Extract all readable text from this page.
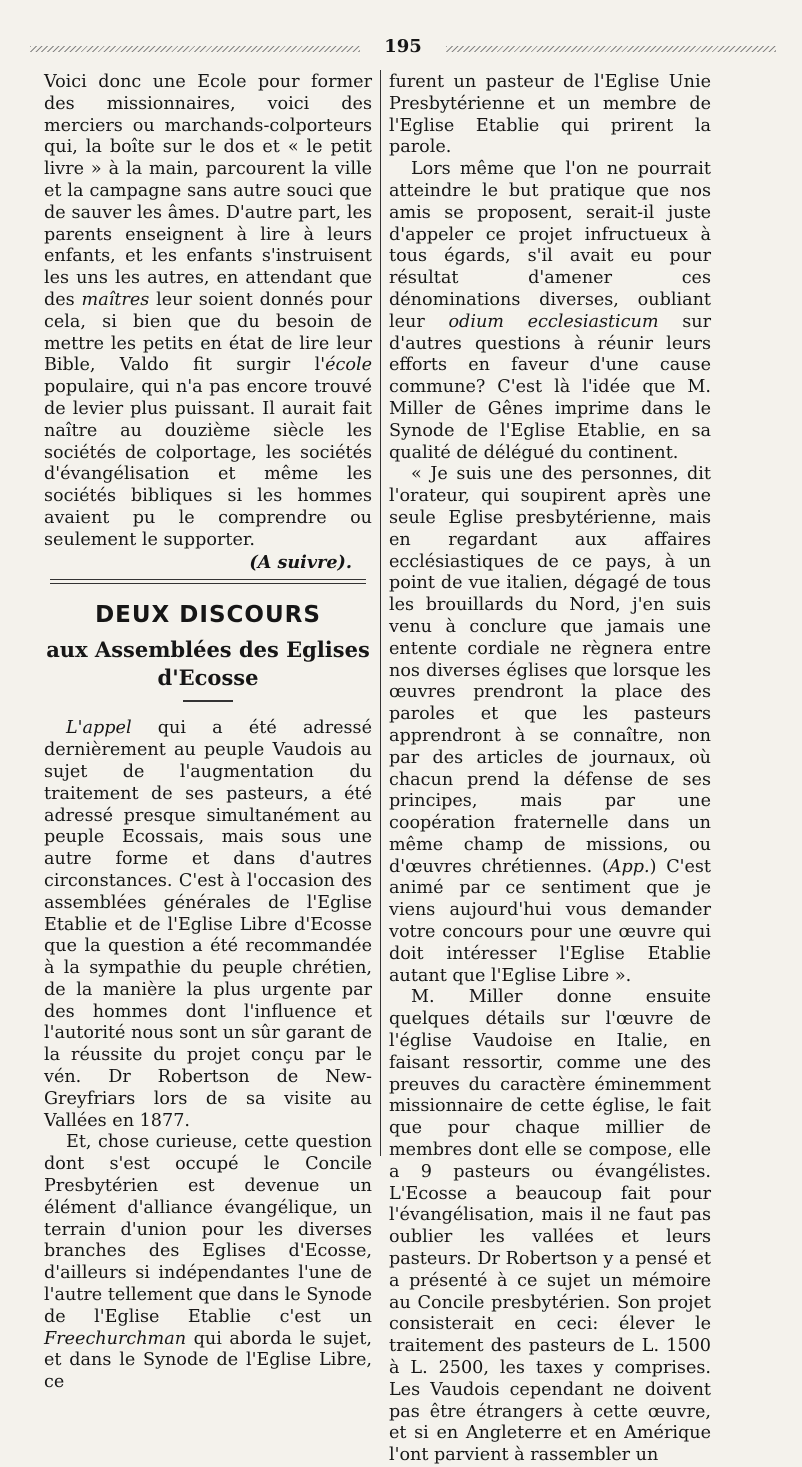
195

Voici donc une Ecole pour former des missionnaires, voici des merciers ou marchands-colporteurs qui, la boîte sur le dos et « le petit livre » à la main, parcourent la ville et la campagne sans autre souci que de sauver les âmes. D'autre part, les parents enseignent à lire à leurs enfants, et les enfants s'instruisent les uns les autres, en attendant que des maîtres leur soient donnés pour cela, si bien que du besoin de mettre les petits en état de lire leur Bible, Valdo fit surgir l'école populaire, qui n'a pas encore trouvé de levier plus puissant. Il aurait fait naître au douzième siècle les sociétés de colportage, les sociétés d'évangélisation et même les sociétés bibliques si les hommes avaient pu le comprendre ou seulement le supporter.

(A suivre).

DEUX DISCOURS
aux Assemblées des Eglises d'Ecosse

L'appel qui a été adressé dernièrement au peuple Vaudois au sujet de l'augmentation du traitement de ses pasteurs, a été adressé presque simultanément au peuple Ecossais, mais sous une autre forme et dans d'autres circonstances. C'est à l'occasion des assemblées générales de l'Eglise Etablie et de l'Eglise Libre d'Ecosse que la question a été recommandée à la sympathie du peuple chrétien, de la manière la plus urgente par des hommes dont l'influence et l'autorité nous sont un sûr garant de la réussite du projet conçu par le vén. Dr Robertson de New-Greyfriars lors de sa visite au Vallées en 1877.

Et, chose curieuse, cette question dont s'est occupé le Concile Presbytérien est devenue un élément d'alliance évangélique, un terrain d'union pour les diverses branches des Eglises d'Ecosse, d'ailleurs si indépendantes l'une de l'autre tellement que dans le Synode de l'Eglise Etablie c'est un Freechurchman qui aborda le sujet, et dans le Synode de l'Eglise Libre, ce

furent un pasteur de l'Eglise Unie Presbytérienne et un membre de l'Eglise Etablie qui prirent la parole.

Lors même que l'on ne pourrait atteindre le but pratique que nos amis se proposent, serait-il juste d'appeler ce projet infructueux à tous égards, s'il avait eu pour résultat d'amener ces dénominations diverses, oubliant leur odium ecclesiasticum sur d'autres questions à réunir leurs efforts en faveur d'une cause commune? C'est là l'idée que M. Miller de Gênes imprime dans le Synode de l'Eglise Etablie, en sa qualité de délégué du continent.

« Je suis une des personnes, dit l'orateur, qui soupirent après une seule Eglise presbytérienne, mais en regardant aux affaires ecclésiastiques de ce pays, à un point de vue italien, dégagé de tous les brouillards du Nord, j'en suis venu à conclure que jamais une entente cordiale ne règnera entre nos diverses églises que lorsque les œuvres prendront la place des paroles et que les pasteurs apprendront à se connaître, non par des articles de journaux, où chacun prend la défense de ses principes, mais par une coopération fraternelle dans un même champ de missions, ou d'œuvres chrétiennes. (App.) C'est animé par ce sentiment que je viens aujourd'hui vous demander votre concours pour une œuvre qui doit intéresser l'Eglise Etablie autant que l'Eglise Libre ».

M. Miller donne ensuite quelques détails sur l'œuvre de l'église Vaudoise en Italie, en faisant ressortir, comme une des preuves du caractère éminemment missionnaire de cette église, le fait que pour chaque millier de membres dont elle se compose, elle a 9 pasteurs ou évangélistes. L'Ecosse a beaucoup fait pour l'évangélisation, mais il ne faut pas oublier les vallées et leurs pasteurs. Dr Robertson y a pensé et a présenté à ce sujet un mémoire au Concile presbytérien. Son projet consisterait en ceci: élever le traitement des pasteurs de L. 1500 à L. 2500, les taxes y comprises. Les Vaudois cependant ne doivent pas être étrangers à cette œuvre, et si en Angleterre et en Amérique l'ont parvient à rassembler un
